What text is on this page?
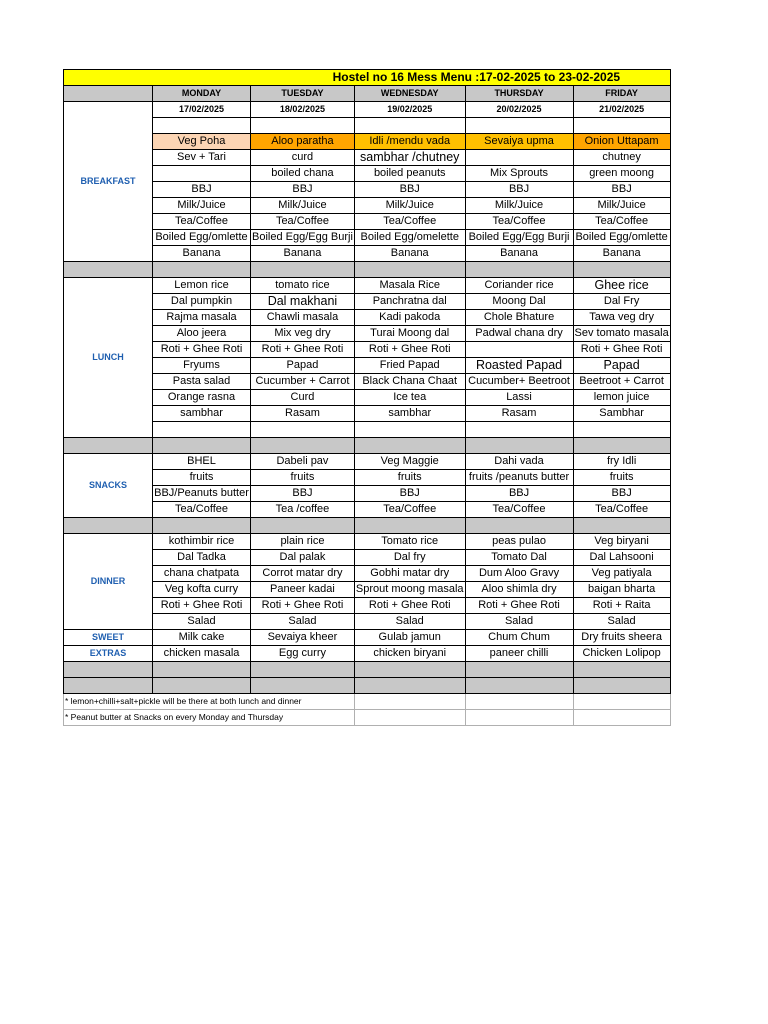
Hostel no 16 Mess Menu :17-02-2025 to 23-02-2025					
	MONDAY	TUESDAY	WEDNESDAY	THURSDAY	FRIDAY
BREAKFAST	17/02/2025	18/02/2025	19/02/2025	20/02/2025	21/02/2025

	Veg Poha	Aloo paratha	Idli /mendu vada	Sevaiya upma	Onion Uttapam
	Sev + Tari	curd	sambhar /chutney		chutney
		boiled chana	boiled peanuts	Mix Sprouts	green moong
	BBJ	BBJ	BBJ	BBJ	BBJ
	Milk/Juice	Milk/Juice	Milk/Juice	Milk/Juice	Milk/Juice
	Tea/Coffee	Tea/Coffee	Tea/Coffee	Tea/Coffee	Tea/Coffee
	Boiled Egg/omlette	Boiled Egg/Egg Burji	Boiled Egg/omelette	Boiled Egg/Egg Burji	Boiled Egg/omlette
	Banana	Banana	Banana	Banana	Banana

LUNCH	Lemon rice	tomato rice	Masala Rice	Coriander rice	Ghee rice
	Dal pumpkin	Dal makhani	Panchratna dal	Moong Dal	Dal Fry
	Rajma masala	Chawli masala	Kadi pakoda	Chole Bhature	Tawa veg dry
	Aloo jeera	Mix veg dry	Turai Moong dal	Padwal chana dry	Sev tomato masala
	Roti + Ghee Roti	Roti + Ghee Roti	Roti + Ghee Roti		Roti + Ghee Roti
	Fryums	Papad	Fried Papad	Roasted Papad	Papad
	Pasta salad	Cucumber + Carrot	Black Chana Chaat	Cucumber+ Beetroot	Beetroot + Carrot
	Orange rasna	Curd	Ice tea	Lassi	lemon juice
	sambhar	Rasam	sambhar	Rasam	Sambhar

SNACKS	BHEL	Dabeli pav	Veg Maggie	Dahi vada	fry Idli
	fruits	fruits	fruits	fruits /peanuts butter	fruits
	BBJ/Peanuts butter	BBJ	BBJ	BBJ	BBJ
	Tea/Coffee	Tea /coffee	Tea/Coffee	Tea/Coffee	Tea/Coffee

DINNER	kothimbir rice	plain rice	Tomato rice	peas pulao	Veg biryani
	Dal Tadka	Dal palak	Dal fry	Tomato Dal	Dal Lahsooni
	chana chatpata	Corrot matar dry	Gobhi matar dry	Dum Aloo Gravy	Veg patiyala
	Veg kofta curry	Paneer kadai	Sprout moong masala	Aloo shimla dry	baigan bharta
	Roti + Ghee Roti	Roti + Ghee Roti	Roti + Ghee Roti	Roti + Ghee Roti	Roti + Raita
	Salad	Salad	Salad	Salad	Salad
SWEET	Milk cake	Sevaiya kheer	Gulab jamun	Chum Chum	Dry fruits sheera
EXTRAS	chicken masala	Egg curry	chicken biryani	paneer chilli	Chicken Lolipop

* lemon+chilli+salt+pickle will be there at both lunch and dinner					
* Peanut butter at Snacks on every Monday and Thursday					
